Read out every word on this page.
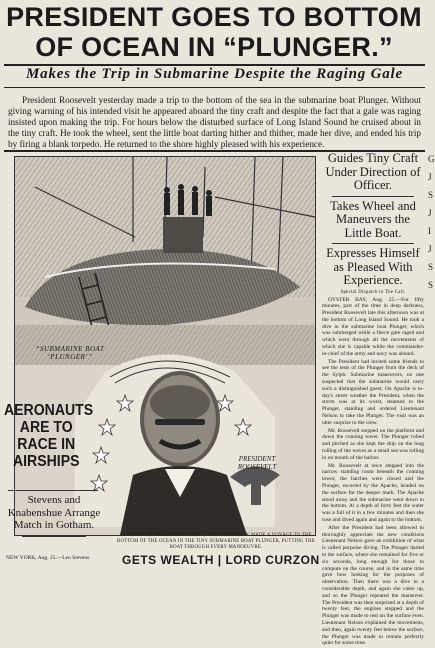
PRESIDENT GOES TO BOTTOM
OF OCEAN IN “PLUNGER.”
Makes the Trip in Submarine Despite the Raging Gale
President Roosevelt yesterday made a trip to the bottom of the sea in the submarine boat Plunger. Without giving warning of his intended visit he appeared aboard the tiny craft and despite the fact that a gale was raging insisted upon making the trip. For hours below the disturbed surface of Long Island Sound he cruised about in the tiny craft. He took the wheel, sent the little boat darting hither and thither, made her dive, and ended his trip by firing a blank torpedo. He returned to the shore highly pleased with his experience.
“SUBMARINE BOAT ‘PLUNGER’”
PRESIDENT ROOSEVELT
PORTRAIT OF THE UNITED STATES, WHO YESTERDAY MADE A VOYAGE TO THE BOTTOM OF THE OCEAN IN THE TINY SUBMARINE BOAT PLUNGER, PUTTING THE BOAT THROUGH EVERY MANOEUVRE.
Guides Tiny Craft Under Direction of Officer.
Takes Wheel and Maneuvers the Little Boat.
Expresses Himself as Pleased With Experience.
Special Dispatch to The Call.

OYSTER BAY, Aug. 25.—For fifty minutes, part of the time in deep darkness, President Roosevelt late this afternoon was at the bottom of Long Island Sound. He took a dive in the submarine boat Plunger, which was submerged while a fierce gale raged and which went through all the movements of which she is capable while the commander-in-chief of the army and navy was aboard.

The President had invited some friends to see the tests of the Plunger from the deck of the Sylph. Submarine maneuvers, no one suspected that the submarine would carry such a distinguished guest. On Apache is to-day's street weather the President, when the storm was at its worst, steamed to the Plunger, standing and ordered Lieutenant Nelson to take the Plunger. The visit was an utter surprise to the crew.

Mr. Roosevelt stepped on the platform and down the conning tower. The Plunger rolled and pitched as she kept the ship on the long rolling of the waves as a small sea was rolling in on mouth of the harbor.

Mr. Roosevelt at once stepped into the narrow standing room beneath the conning tower, the hatches were closed and the Plunger, escorted by the Apache, headed on the surface for the deeper mark. The Apache stood away and the submarine went down to the bottom. At a depth of forty feet the water was a full of it in a few minutes and then she rose and dived again and again to the bottom.

After the President had been allowed to thoroughly appreciate the new conditions Lieutenant Nelson gave an exhibition of what is called porpoise diving. The Plunger darted to the surface, where she remained for five or six seconds, long enough for those to compute on the course, and in the same time gave bow looking for the purposes of observation. Then there was a dive to a considerable depth, and again she came up, and so the Plunger repeated the maneuver. The President was then surprised at a depth of twenty feet, the engines stopped and the Plunger was made to rest on the surface even. Lieutenant Nelson explained the movements, and then, again twenty feet below the surface, the Plunger was made to remain perfectly quiet for some time.

G
J
S
J
I
J
S
S
AERONAUTS ARE TO RACE IN AIRSHIPS
Stevens and Knabenshue Arrange Match in Gotham.
NEW YORK, Aug. 25.—Leo Stevens	GETS WEALTH | LORD CURZON
